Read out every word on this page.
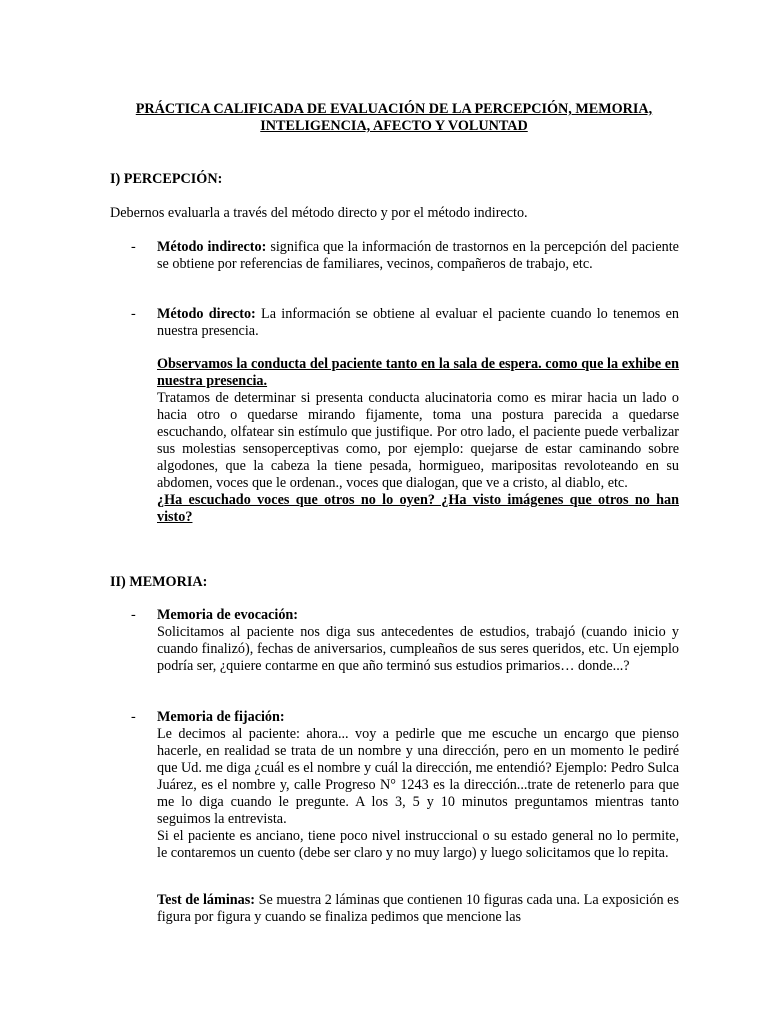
PRÁCTICA CALIFICADA DE EVALUACIÓN DE LA PERCEPCIÓN, MEMORIA,
INTELIGENCIA, AFECTO Y VOLUNTAD

I) PERCEPCIÓN:

Debernos evaluarla a través del método directo y por el método indirecto.

- Método indirecto: significa que la información de trastornos en la percepción del paciente se obtiene por referencias de familiares, vecinos, compañeros de trabajo, etc.

- Método directo: La información se obtiene al evaluar el paciente cuando lo tenemos en nuestra presencia.

Observamos la conducta del paciente tanto en la sala de espera. como que la exhibe en nuestra presencia.
Tratamos de determinar si presenta conducta alucinatoria como es mirar hacia un lado o hacia otro o quedarse mirando fijamente, toma una postura parecida a quedarse escuchando, olfatear sin estímulo que justifique. Por otro lado, el paciente puede verbalizar sus molestias sensoperceptivas como, por ejemplo: quejarse de estar caminando sobre algodones, que la cabeza la tiene pesada, hormigueo, maripositas revoloteando en su abdomen, voces que le ordenan., voces que dialogan, que ve a cristo, al diablo, etc.
¿Ha escuchado voces que otros no lo oyen? ¿Ha visto imágenes que otros no han visto?

II) MEMORIA:

- Memoria de evocación:
Solicitamos al paciente nos diga sus antecedentes de estudios, trabajó (cuando inicio y cuando finalizó), fechas de aniversarios, cumpleaños de sus seres queridos, etc. Un ejemplo podría ser, ¿quiere contarme en que año terminó sus estudios primarios… donde...?
- Memoria de fijación:
Le decimos al paciente: ahora... voy a pedirle que me escuche un encargo que pienso hacerle, en realidad se trata de un nombre y una dirección, pero en un momento le pediré que Ud. me diga ¿cuál es el nombre y cuál la dirección, me entendió? Ejemplo: Pedro Sulca Juárez, es el nombre y, calle Progreso N° 1243 es la dirección...trate de retenerlo para que me lo diga cuando le pregunte. A los 3, 5 y 10 minutos preguntamos mientras tanto seguimos la entrevista.
Si el paciente es anciano, tiene poco nivel instruccional o su estado general no lo permite, le contaremos un cuento (debe ser claro y no muy largo) y luego solicitamos que lo repita.

Test de láminas: Se muestra 2 láminas que contienen 10 figuras cada una. La exposición es figura por figura y cuando se finaliza pedimos que mencione las
